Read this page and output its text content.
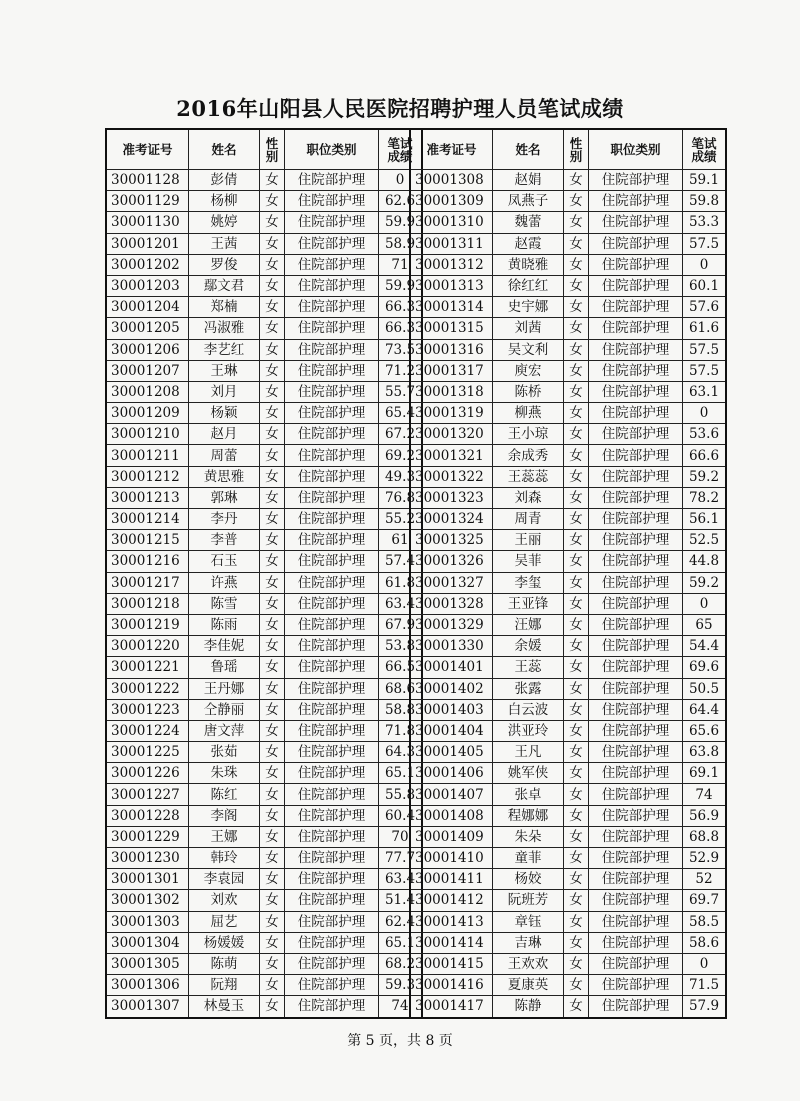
2016年山阳县人民医院招聘护理人员笔试成绩
准考证号	姓名	性
别	职位类别	笔试
成绩
30001128	彭倩	女	住院部护理	0
30001129	杨柳	女	住院部护理	62.6
30001130	姚婷	女	住院部护理	59.9
30001201	王茜	女	住院部护理	58.9
30001202	罗俊	女	住院部护理	71
30001203	鄢文君	女	住院部护理	59.9
30001204	郑楠	女	住院部护理	66.3
30001205	冯淑雅	女	住院部护理	66.3
30001206	李艺红	女	住院部护理	73.5
30001207	王琳	女	住院部护理	71.2
30001208	刘月	女	住院部护理	55.7
30001209	杨颖	女	住院部护理	65.4
30001210	赵月	女	住院部护理	67.2
30001211	周蕾	女	住院部护理	69.2
30001212	黄思雅	女	住院部护理	49.3
30001213	郭琳	女	住院部护理	76.8
30001214	李丹	女	住院部护理	55.2
30001215	李普	女	住院部护理	61
30001216	石玉	女	住院部护理	57.4
30001217	许燕	女	住院部护理	61.8
30001218	陈雪	女	住院部护理	63.4
30001219	陈雨	女	住院部护理	67.9
30001220	李佳妮	女	住院部护理	53.8
30001221	鲁瑶	女	住院部护理	66.5
30001222	王丹娜	女	住院部护理	68.6
30001223	仝静丽	女	住院部护理	58.8
30001224	唐文萍	女	住院部护理	71.8
30001225	张茹	女	住院部护理	64.3
30001226	朱珠	女	住院部护理	65.1
30001227	陈红	女	住院部护理	55.8
30001228	李阁	女	住院部护理	60.4
30001229	王娜	女	住院部护理	70
30001230	韩玲	女	住院部护理	77.7
30001301	李袁园	女	住院部护理	63.4
30001302	刘欢	女	住院部护理	51.4
30001303	屈艺	女	住院部护理	62.4
30001304	杨媛媛	女	住院部护理	65.1
30001305	陈萌	女	住院部护理	68.2
30001306	阮翔	女	住院部护理	59.3
30001307	林曼玉	女	住院部护理	74
准考证号	姓名	性
别	职位类别	笔试
成绩
30001308	赵娟	女	住院部护理	59.1
30001309	凤燕子	女	住院部护理	59.8
30001310	魏蕾	女	住院部护理	53.3
30001311	赵霞	女	住院部护理	57.5
30001312	黄晓雅	女	住院部护理	0
30001313	徐红红	女	住院部护理	60.1
30001314	史宇娜	女	住院部护理	57.6
30001315	刘茜	女	住院部护理	61.6
30001316	吴文利	女	住院部护理	57.5
30001317	庾宏	女	住院部护理	57.5
30001318	陈桥	女	住院部护理	63.1
30001319	柳燕	女	住院部护理	0
30001320	王小琼	女	住院部护理	53.6
30001321	余成秀	女	住院部护理	66.6
30001322	王蕊蕊	女	住院部护理	59.2
30001323	刘森	女	住院部护理	78.2
30001324	周青	女	住院部护理	56.1
30001325	王丽	女	住院部护理	52.5
30001326	吴菲	女	住院部护理	44.8
30001327	李玺	女	住院部护理	59.2
30001328	王亚锋	女	住院部护理	0
30001329	汪娜	女	住院部护理	65
30001330	余媛	女	住院部护理	54.4
30001401	王蕊	女	住院部护理	69.6
30001402	张露	女	住院部护理	50.5
30001403	白云波	女	住院部护理	64.4
30001404	洪亚玲	女	住院部护理	65.6
30001405	王凡	女	住院部护理	63.8
30001406	姚军侠	女	住院部护理	69.1
30001407	张卓	女	住院部护理	74
30001408	程娜娜	女	住院部护理	56.9
30001409	朱朵	女	住院部护理	68.8
30001410	童菲	女	住院部护理	52.9
30001411	杨姣	女	住院部护理	52
30001412	阮班芳	女	住院部护理	69.7
30001413	章钰	女	住院部护理	58.5
30001414	吉琳	女	住院部护理	58.6
30001415	王欢欢	女	住院部护理	0
30001416	夏康英	女	住院部护理	71.5
30001417	陈静	女	住院部护理	57.9
第 5 页，共 8 页
